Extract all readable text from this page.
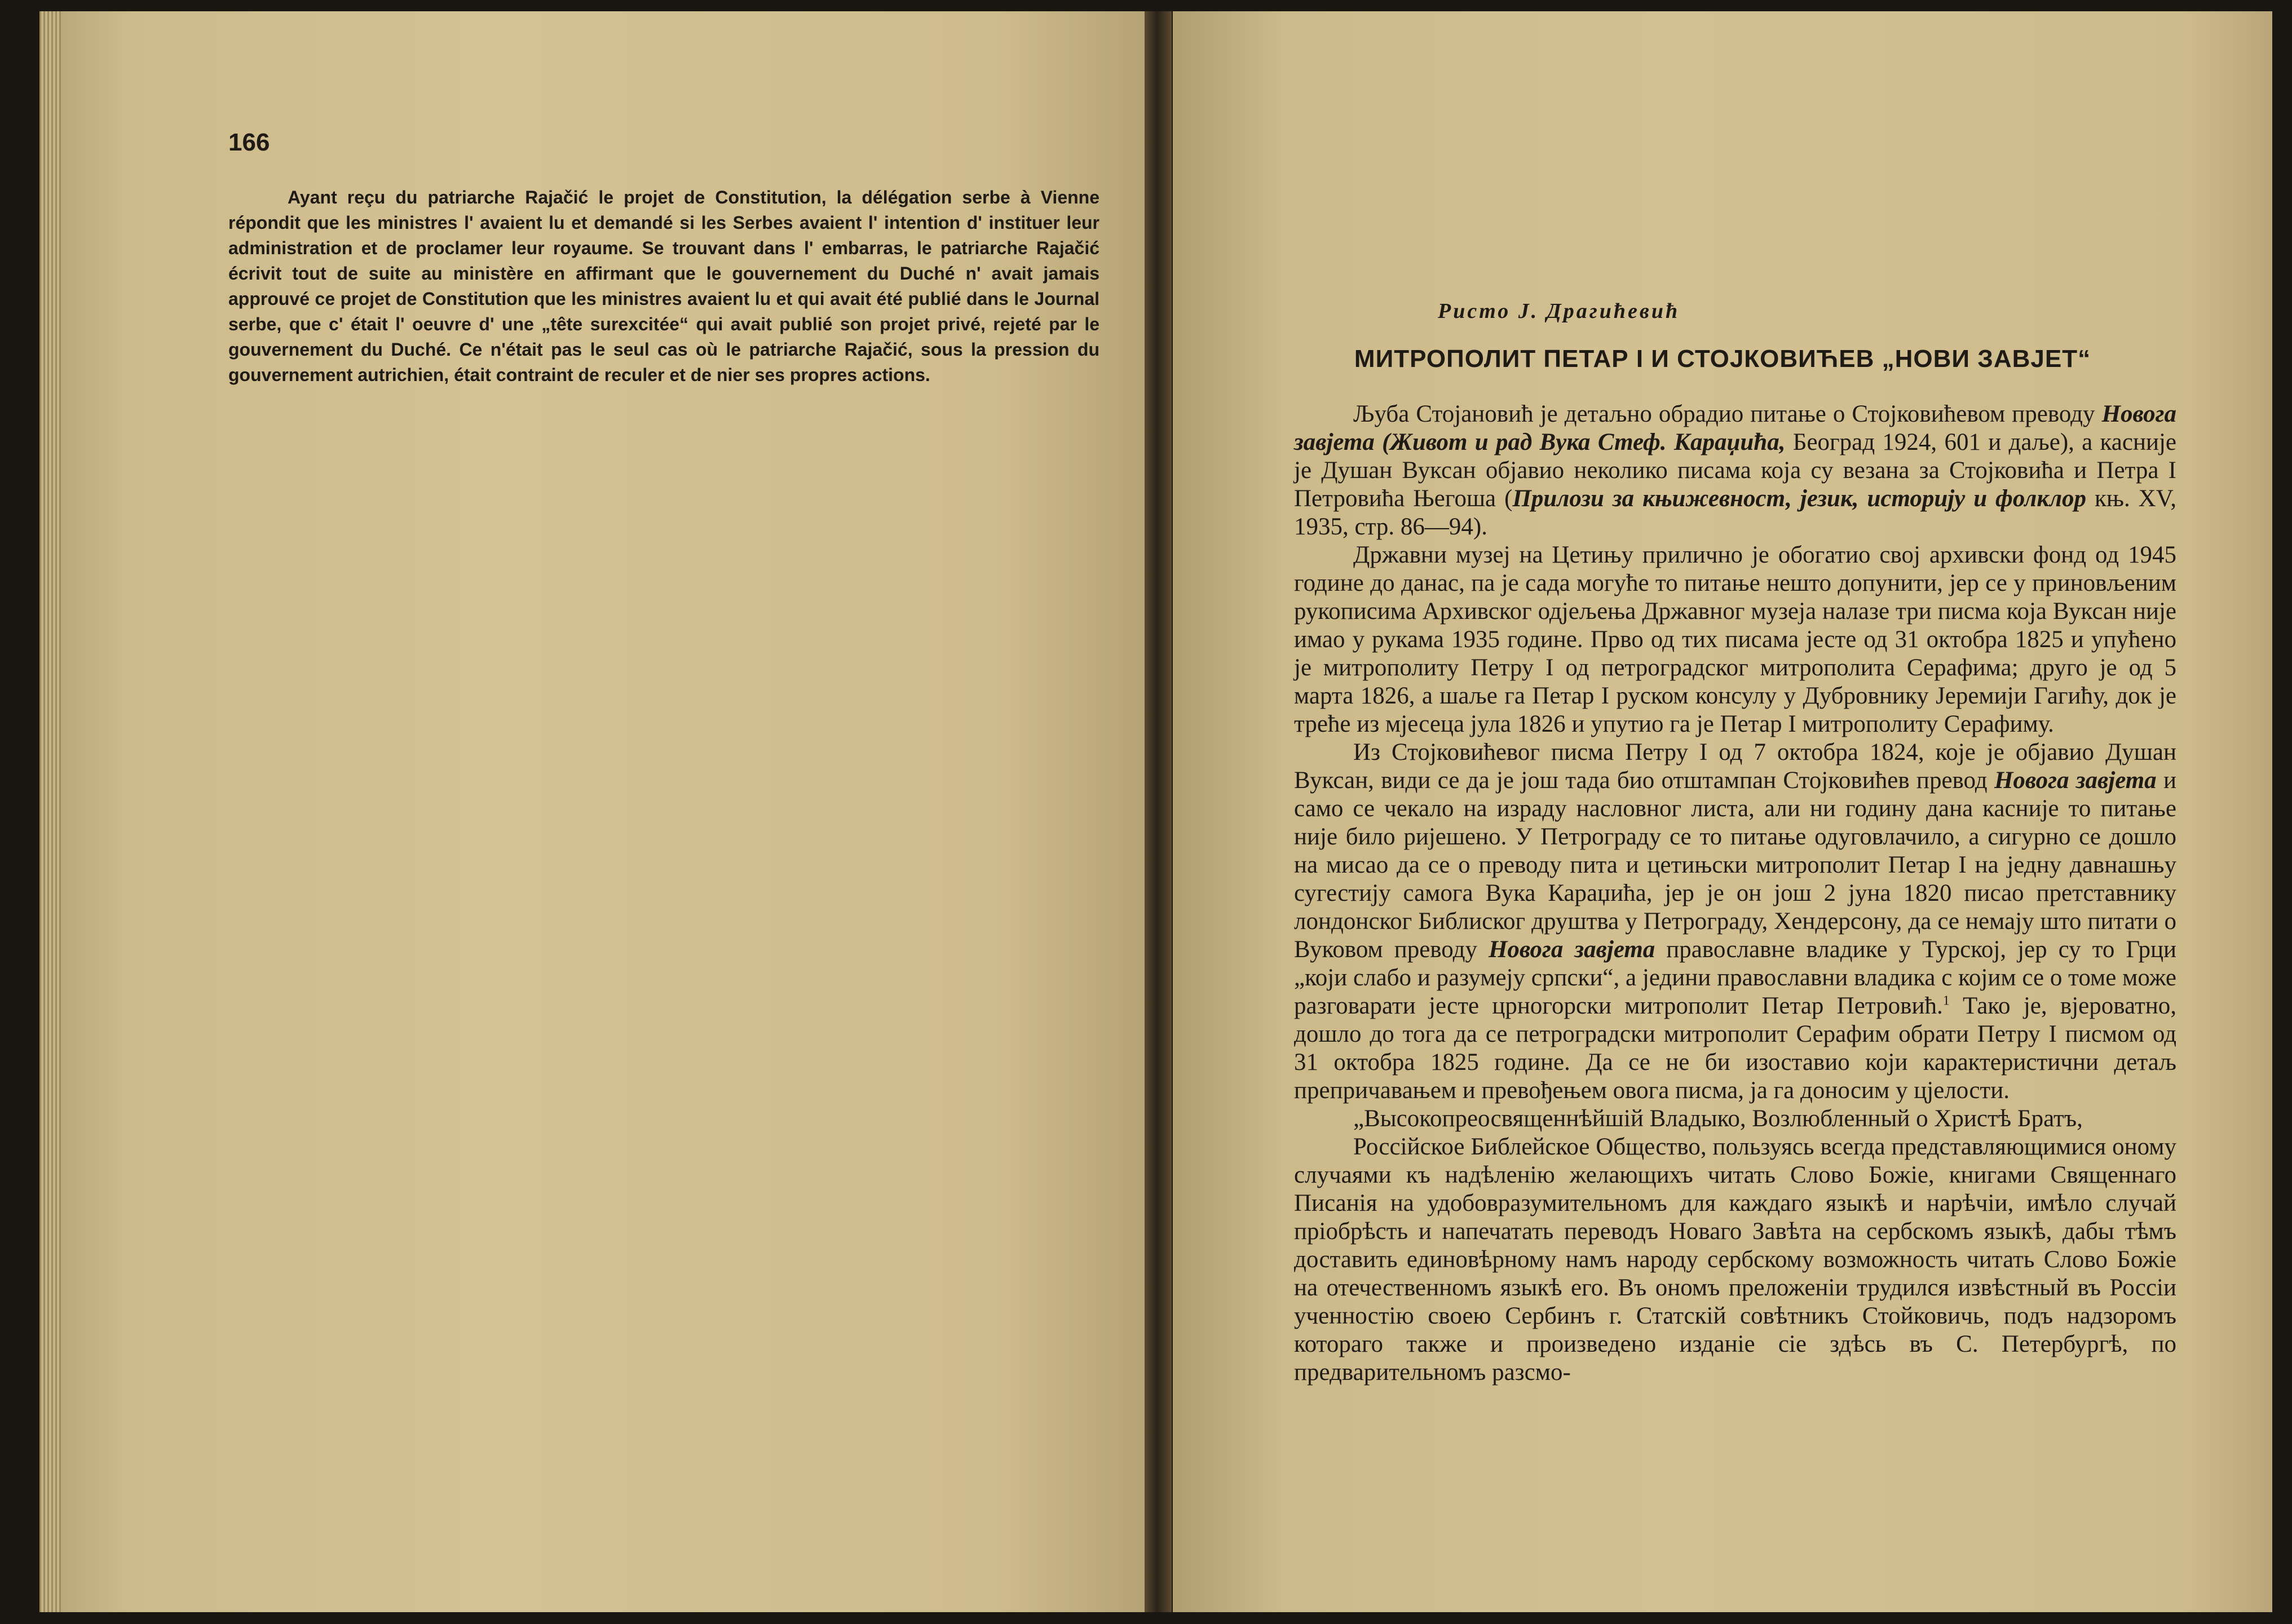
166
Ayant reçu du patriarche Rajačić le projet de Constitution, la délégation serbe à Vienne répondit que les ministres l' avaient lu et demandé si les Serbes avaient l' intention d' instituer leur administration et de proclamer leur royaume. Se trouvant dans l' embarras, le patriarche Rajačić écrivit tout de suite au ministère en affirmant que le gouvernement du Duché n' avait jamais approuvé ce projet de Constitution que les ministres avaient lu et qui avait été publié dans le Journal serbe, que c' était l' oeuvre d' une „tête surexcitée“ qui avait publié son projet privé, rejeté par le gouvernement du Duché. Ce n'était pas le seul cas où le patriarche Rajačić, sous la pression du gouvernement autrichien, était contraint de reculer et de nier ses propres actions.
Ристо Ј. Драгићевић
МИТРОПОЛИТ ПЕТАР I И СТОЈКОВИЋЕВ „НОВИ ЗАВЈЕТ“

Љуба Стојановић је детаљно обрадио питање о Стојковићевом преводу Новога завјета (Живот и рад Вука Стеф. Караџића, Београд 1924, 601 и даље), а касније је Душан Вуксан објавио неколико писама која су везана за Стојковића и Петра I Петровића Његоша (Прилози за књижевност, језик, историју и фолклор књ. XV, 1935, стр. 86—94).

Државни музеј на Цетињу прилично је обогатио свој архивски фонд од 1945 године до данас, па је сада могуће то питање нешто допунити, јер се у приновљеним рукописима Архивског одјељења Државног музеја налазе три писма која Вуксан није имао у рукама 1935 године. Прво од тих писама јесте од 31 октобра 1825 и упућено је митрополиту Петру I од петроградског митрополита Серафима; друго је од 5 марта 1826, а шаље га Петар I руском консулу у Дубровнику Јеремији Гагићу, док је треће из мјесеца јула 1826 и упутио га је Петар I митрополиту Серафиму.

Из Стојковићевог писма Петру I од 7 октобра 1824, које је објавио Душан Вуксан, види се да је још тада био отштампан Стојковићев превод Новога завјета и само се чекало на израду насловног листа, али ни годину дана касније то питање није било ријешено. У Петрограду се то питање одуговлачило, а сигурно се дошло на мисао да се о преводу пита и цетињски митрополит Петар I на једну давнашњу сугестију самога Вука Караџића, јер је он још 2 јуна 1820 писао претставнику лондонског Библиског друштва у Петрограду, Хендерсону, да се немају што питати о Вуковом преводу Новога завјета православне владике у Турској, јер су то Грци „који слабо и разумеју српски“, а једини православни владика с којим се о томе може разговарати јесте црногорски митрополит Петар Петровић.$^1$ Тако је, вјероватно, дошло до тога да се петроградски митрополит Серафим обрати Петру I писмом од 31 октобра 1825 године. Да се не би изоставио који карактеристични детаљ препричавањем и превођењем овога писма, ја га доносим у цјелости.

„Высокопреосвященнѣйшiй Владыко, Возлюбленный о Христѣ Братъ,

Россiйское Библейское Общество, пользуясь всегда представляющимися оному случаями къ надѣленiю желающихъ читать Слово Божiе, книгами Священнаго Писанiя на удобовразумительномъ для каждаго языкѣ и нарѣчiи, имѣло случай прiобрѣсть и напечатать переводъ Новаго Завѣта на сербскомъ языкѣ, дабы тѣмъ доставить единовѣрному намъ народу сербскому возможность читать Слово Божiе на отечественномъ языкѣ его. Въ ономъ преложенiи трудился извѣстный въ Россiи ученностiю своею Сербинъ г. Статскiй совѣтникъ Стойковичь, подъ надзоромъ котораго также и произведено изданiе сiе здѣсь въ С. Петербургѣ, по предварительномъ разсмо-
